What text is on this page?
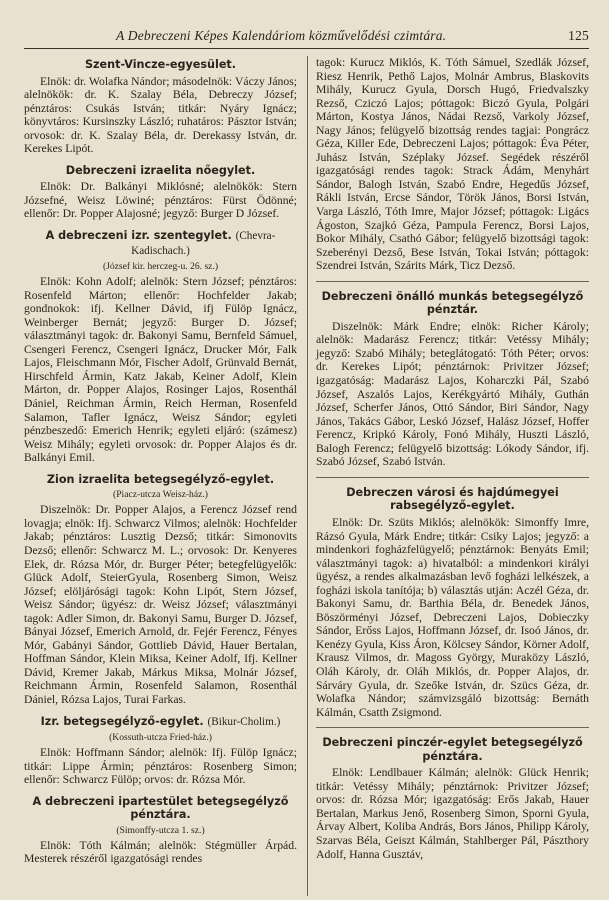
A Debreczeni Képes Kalendáriom közművelődési czimtára.	125
Szent-Vincze-egyesület.

Elnök: dr. Wolafka Nándor; másodelnök: Váczy János; alelnökök: dr. K. Szalay Béla, Debreczy József; pénztáros: Csukás István; titkár: Nyáry Ignácz; könyvtáros: Kursinszky László; ruhatáros: Pásztor István; orvosok: dr. K. Szalay Béla, dr. Derekassy István, dr. Kerekes Lipót.

Debreczeni izraelita nőegylet.

Elnök: Dr. Balkányi Miklósné; alelnökök: Stern Józsefné, Weisz Löwiné; pénztáros: Fürst Ödönné; ellenőr: Dr. Popper Alajosné; jegyző: Burger D József.

A debreczeni izr. szentegylet. (Chevra-Kadischach.)
(József kir. herczeg-u. 26. sz.)

Elnök: Kohn Adolf; alelnök: Stern József; pénztáros: Rosenfeld Márton; ellenőr: Hochfelder Jakab; gondnokok: ifj. Kellner Dávid, ifj Fülöp Ignácz, Weinberger Bernát; jegyző: Burger D. József; választmányi tagok: dr. Bakonyi Samu, Bernfeld Sámuel, Csengeri Ferencz, Csengeri Ignácz, Drucker Mór, Falk Lajos, Fleischmann Mór, Fischer Adolf, Grünvald Bernát, Hirschfeld Ármin, Katz Jakab, Keiner Adolf, Klein Márton, dr. Popper Alajos, Rosinger Lajos, Rosenthál Dániel, Reichman Ármin, Reich Herman, Rosenfeld Salamon, Tafler Ignácz, Weisz Sándor; egyleti pénzbeszedő: Emerich Henrik; egyleti eljáró: (számesz) Weisz Mihály; egyleti orvosok: dr. Popper Alajos és dr. Balkányi Emil.

Zion izraelita betegsegélyző-egylet.
(Piacz-utcza Weisz-ház.)

Diszelnök: Dr. Popper Alajos, a Ferencz József rend lovagja; elnök: Ifj. Schwarcz Vilmos; alelnök: Hochfelder Jakab; pénztáros: Lusztig Dezső; titkár: Simonovits Dezső; ellenőr: Schwarcz M. L.; orvosok: Dr. Kenyeres Elek, dr. Rózsa Mór, dr. Burger Péter; betegfelügyelők: Glück Adolf, SteierGyula, Rosenberg Simon, Weisz József; elöljárósági tagok: Kohn Lipót, Stern József, Weisz Sándor; ügyész: dr. Weisz József; választmányi tagok: Adler Simon, dr. Bakonyi Samu, Burger D. József, Bányai József, Emerich Arnold, dr. Fejér Ferencz, Fényes Mór, Gabányi Sándor, Gottlieb Dávid, Hauer Bertalan, Hoffman Sándor, Klein Miksa, Keiner Adolf, Ifj. Kellner Dávid, Kremer Jakab, Márkus Miksa, Molnár József, Reichmann Ármin, Rosenfeld Salamon, Rosenthál Dániel, Rózsa Lajos, Turai Farkas.

Izr. betegsegélyző-egylet. (Bikur-Cholim.)
(Kossuth-utcza Fried-ház.)

Elnök: Hoffmann Sándor; alelnök: Ifj. Fülöp Ignácz; titkár: Lippe Ármin; pénztáros: Rosenberg Simon; ellenőr: Schwarcz Fülöp; orvos: dr. Rózsa Mór.

A debreczeni ipartestület betegsegélyző pénztára.
(Simonffy-utcza 1. sz.)

Elnök: Tóth Kálmán; alelnök: Stégmüller Árpád. Mesterek részéről igazgatósági rendes

tagok: Kurucz Miklós, K. Tóth Sámuel, Szedlák József, Riesz Henrik, Pethő Lajos, Molnár Ambrus, Blaskovits Mihály, Kurucz Gyula, Dorsch Hugó, Friedvalszky Rezső, Cziczó Lajos; póttagok: Biczó Gyula, Polgári Márton, Kostya János, Nádai Rezső, Varkoly József, Nagy János; felügyelő bizottság rendes tagjai: Pongrácz Géza, Killer Ede, Debreczeni Lajos; póttagok: Éva Péter, Juhász István, Széplaky József. Segédek részéről igazgatósági rendes tagok: Strack Ádám, Menyhárt Sándor, Balogh István, Szabó Endre, Hegedűs József, Rákli István, Ercse Sándor, Török János, Borsi István, Varga László, Tóth Imre, Major József; póttagok: Ligács Ágoston, Szajkó Géza, Pampula Ferencz, Borsi Lajos, Bokor Mihály, Csathó Gábor; felügyelő bizottsági tagok: Szeberényi Dezső, Bese István, Tokai István; póttagok: Szendrei István, Szárits Márk, Ticz Dezső.

Debreczeni önálló munkás betegsegélyző pénztár.

Diszelnök: Márk Endre; elnök: Richer Károly; alelnök: Madarász Ferencz; titkár: Vetéssy Mihály; jegyző: Szabó Mihály; beteglátogató: Tóth Péter; orvos: dr. Kerekes Lipót; pénztárnok: Privitzer József; igazgatóság: Madarász Lajos, Koharczki Pál, Szabó József, Aszalós Lajos, Kerékgyártó Mihály, Guthán József, Scherfer János, Ottó Sándor, Biri Sándor, Nagy János, Takács Gábor, Leskó József, Halász József, Hoffer Ferencz, Kripkó Károly, Fonó Mihály, Huszti László, Balogh Ferencz; felügyelő bizottság: Lókody Sándor, ifj. Szabó József, Szabó István.

Debreczen városi és hajdúmegyei rabsegélyző-egylet.

Elnök: Dr. Szüts Miklós; alelnökök: Simonffy Imre, Rázsó Gyula, Márk Endre; titkár: Csiky Lajos; jegyző: a mindenkori fogházfelügyelő; pénztárnok: Benyáts Emil; választmányi tagok: a) hivatalból: a mindenkori királyi ügyész, a rendes alkalmazásban levő fogházi lelkészek, a fogházi iskola tanítója; b) választás utján: Aczél Géza, dr. Bakonyi Samu, dr. Barthia Béla, dr. Benedek János, Böszörményi József, Debreczeni Lajos, Dobieczky Sándor, Erőss Lajos, Hoffmann József, dr. Isoó János, dr. Kenézy Gyula, Kiss Áron, Kölcsey Sándor, Körner Adolf, Krausz Vilmos, dr. Magoss György, Muraközy László, Oláh Károly, dr. Oláh Miklós, dr. Popper Alajos, dr. Sárváry Gyula, dr. Szeőke István, dr. Szücs Géza, dr. Wolafka Nándor; számvizsgáló bizottság: Bernáth Kálmán, Csatth Zsigmond.

Debreczeni pinczér-egylet betegsegélyző pénztára.

Elnök: Lendlbauer Kálmán; alelnök: Glück Henrik; titkár: Vetéssy Mihály; pénztárnok: Privitzer József; orvos: dr. Rózsa Mór; igazgatóság: Erős Jakab, Hauer Bertalan, Markus Jenő, Rosenberg Simon, Sporni Gyula, Árvay Albert, Koliba András, Bors János, Philipp Károly, Szarvas Béla, Geiszt Kálmán, Stahlberger Pál, Pászthory Adolf, Hanna Gusztáv,
